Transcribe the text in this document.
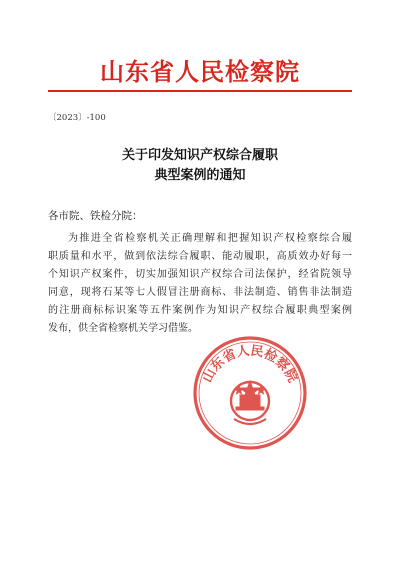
山东省人民检察院
〔2023〕-100
关于印发知识产权综合履职
典型案例的通知
各市院、铁检分院：
为推进全省检察机关正确理解和把握知识产权检察综合履
职质量和水平，做到依法综合履职、能动履职，高质效办好每一
个知识产权案件，切实加强知识产权综合司法保护，经省院领导
同意，现将石某等七人假冒注册商标、非法制造、销售非法制造
的注册商标标识案等五件案例作为知识产权综合履职典型案例
发布，供全省检察机关学习借鉴。
山东省人民检察院
